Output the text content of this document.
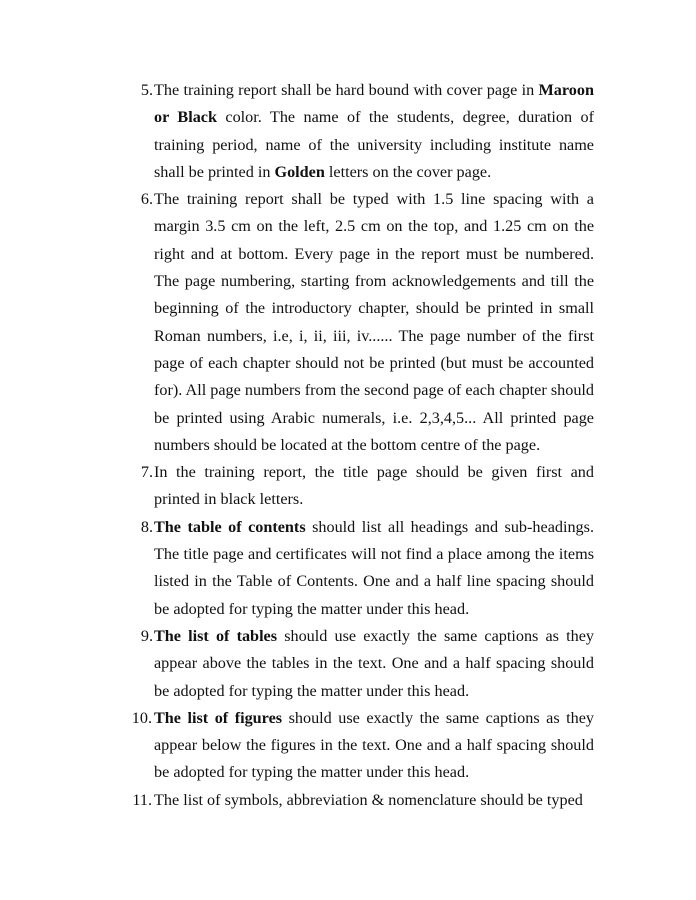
5. The training report shall be hard bound with cover page in Maroon or Black color. The name of the students, degree, duration of training period, name of the university including institute name shall be printed in Golden letters on the cover page.
6. The training report shall be typed with 1.5 line spacing with a margin 3.5 cm on the left, 2.5 cm on the top, and 1.25 cm on the right and at bottom. Every page in the report must be numbered. The page numbering, starting from acknowledgements and till the beginning of the introductory chapter, should be printed in small Roman numbers, i.e, i, ii, iii, iv...... The page number of the first page of each chapter should not be printed (but must be accounted for). All page numbers from the second page of each chapter should be printed using Arabic numerals, i.e. 2,3,4,5... All printed page numbers should be located at the bottom centre of the page.
7. In the training report, the title page should be given first and printed in black letters.
8. The table of contents should list all headings and sub-headings. The title page and certificates will not find a place among the items listed in the Table of Contents. One and a half line spacing should be adopted for typing the matter under this head.
9. The list of tables should use exactly the same captions as they appear above the tables in the text. One and a half spacing should be adopted for typing the matter under this head.
10. The list of figures should use exactly the same captions as they appear below the figures in the text. One and a half spacing should be adopted for typing the matter under this head.
11. The list of symbols, abbreviation & nomenclature should be typed
